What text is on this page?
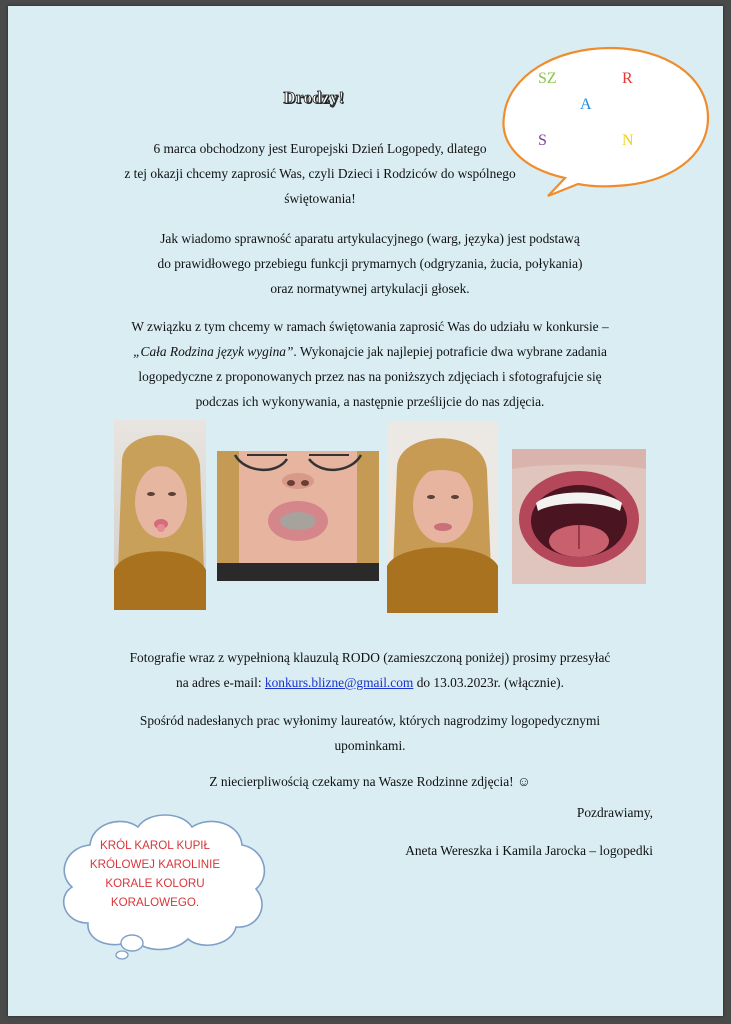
SZ	R
A
S	N
Drodzy!
6 marca obchodzony jest Europejski Dzień Logopedy, dlatego
z tej okazji chcemy zaprosić Was, czyli Dzieci i Rodziców do wspólnego
świętowania!
Jak wiadomo sprawność aparatu artykulacyjnego (warg, języka) jest podstawą
do prawidłowego przebiegu funkcji prymarnych (odgryzania, żucia, połykania)
oraz normatywnej artykulacji głosek.
W związku z tym chcemy w ramach świętowania zaprosić Was do udziału w konkursie –
„Cała Rodzina język wygina”. Wykonajcie jak najlepiej potraficie dwa wybrane zadania
logopedyczne z proponowanych przez nas na poniższych zdjęciach i sfotografujcie się
podczas ich wykonywania, a następnie prześlijcie do nas zdjęcia.
Fotografie wraz z wypełnioną klauzulą RODO (zamieszczoną poniżej) prosimy przesyłać
na adres e-mail: konkurs.blizne@gmail.com do 13.03.2023r. (włącznie).
Spośród nadesłanych prac wyłonimy laureatów, których nagrodzimy logopedycznymi
upominkami.
Z niecierpliwością czekamy na Wasze Rodzinne zdjęcia! ☺
Pozdrawiamy,
Aneta Wereszka i Kamila Jarocka – logopedki
KRÓL KAROL KUPIŁ
KRÓLOWEJ KAROLINIE
KORALE KOLORU
KORALOWEGO.
